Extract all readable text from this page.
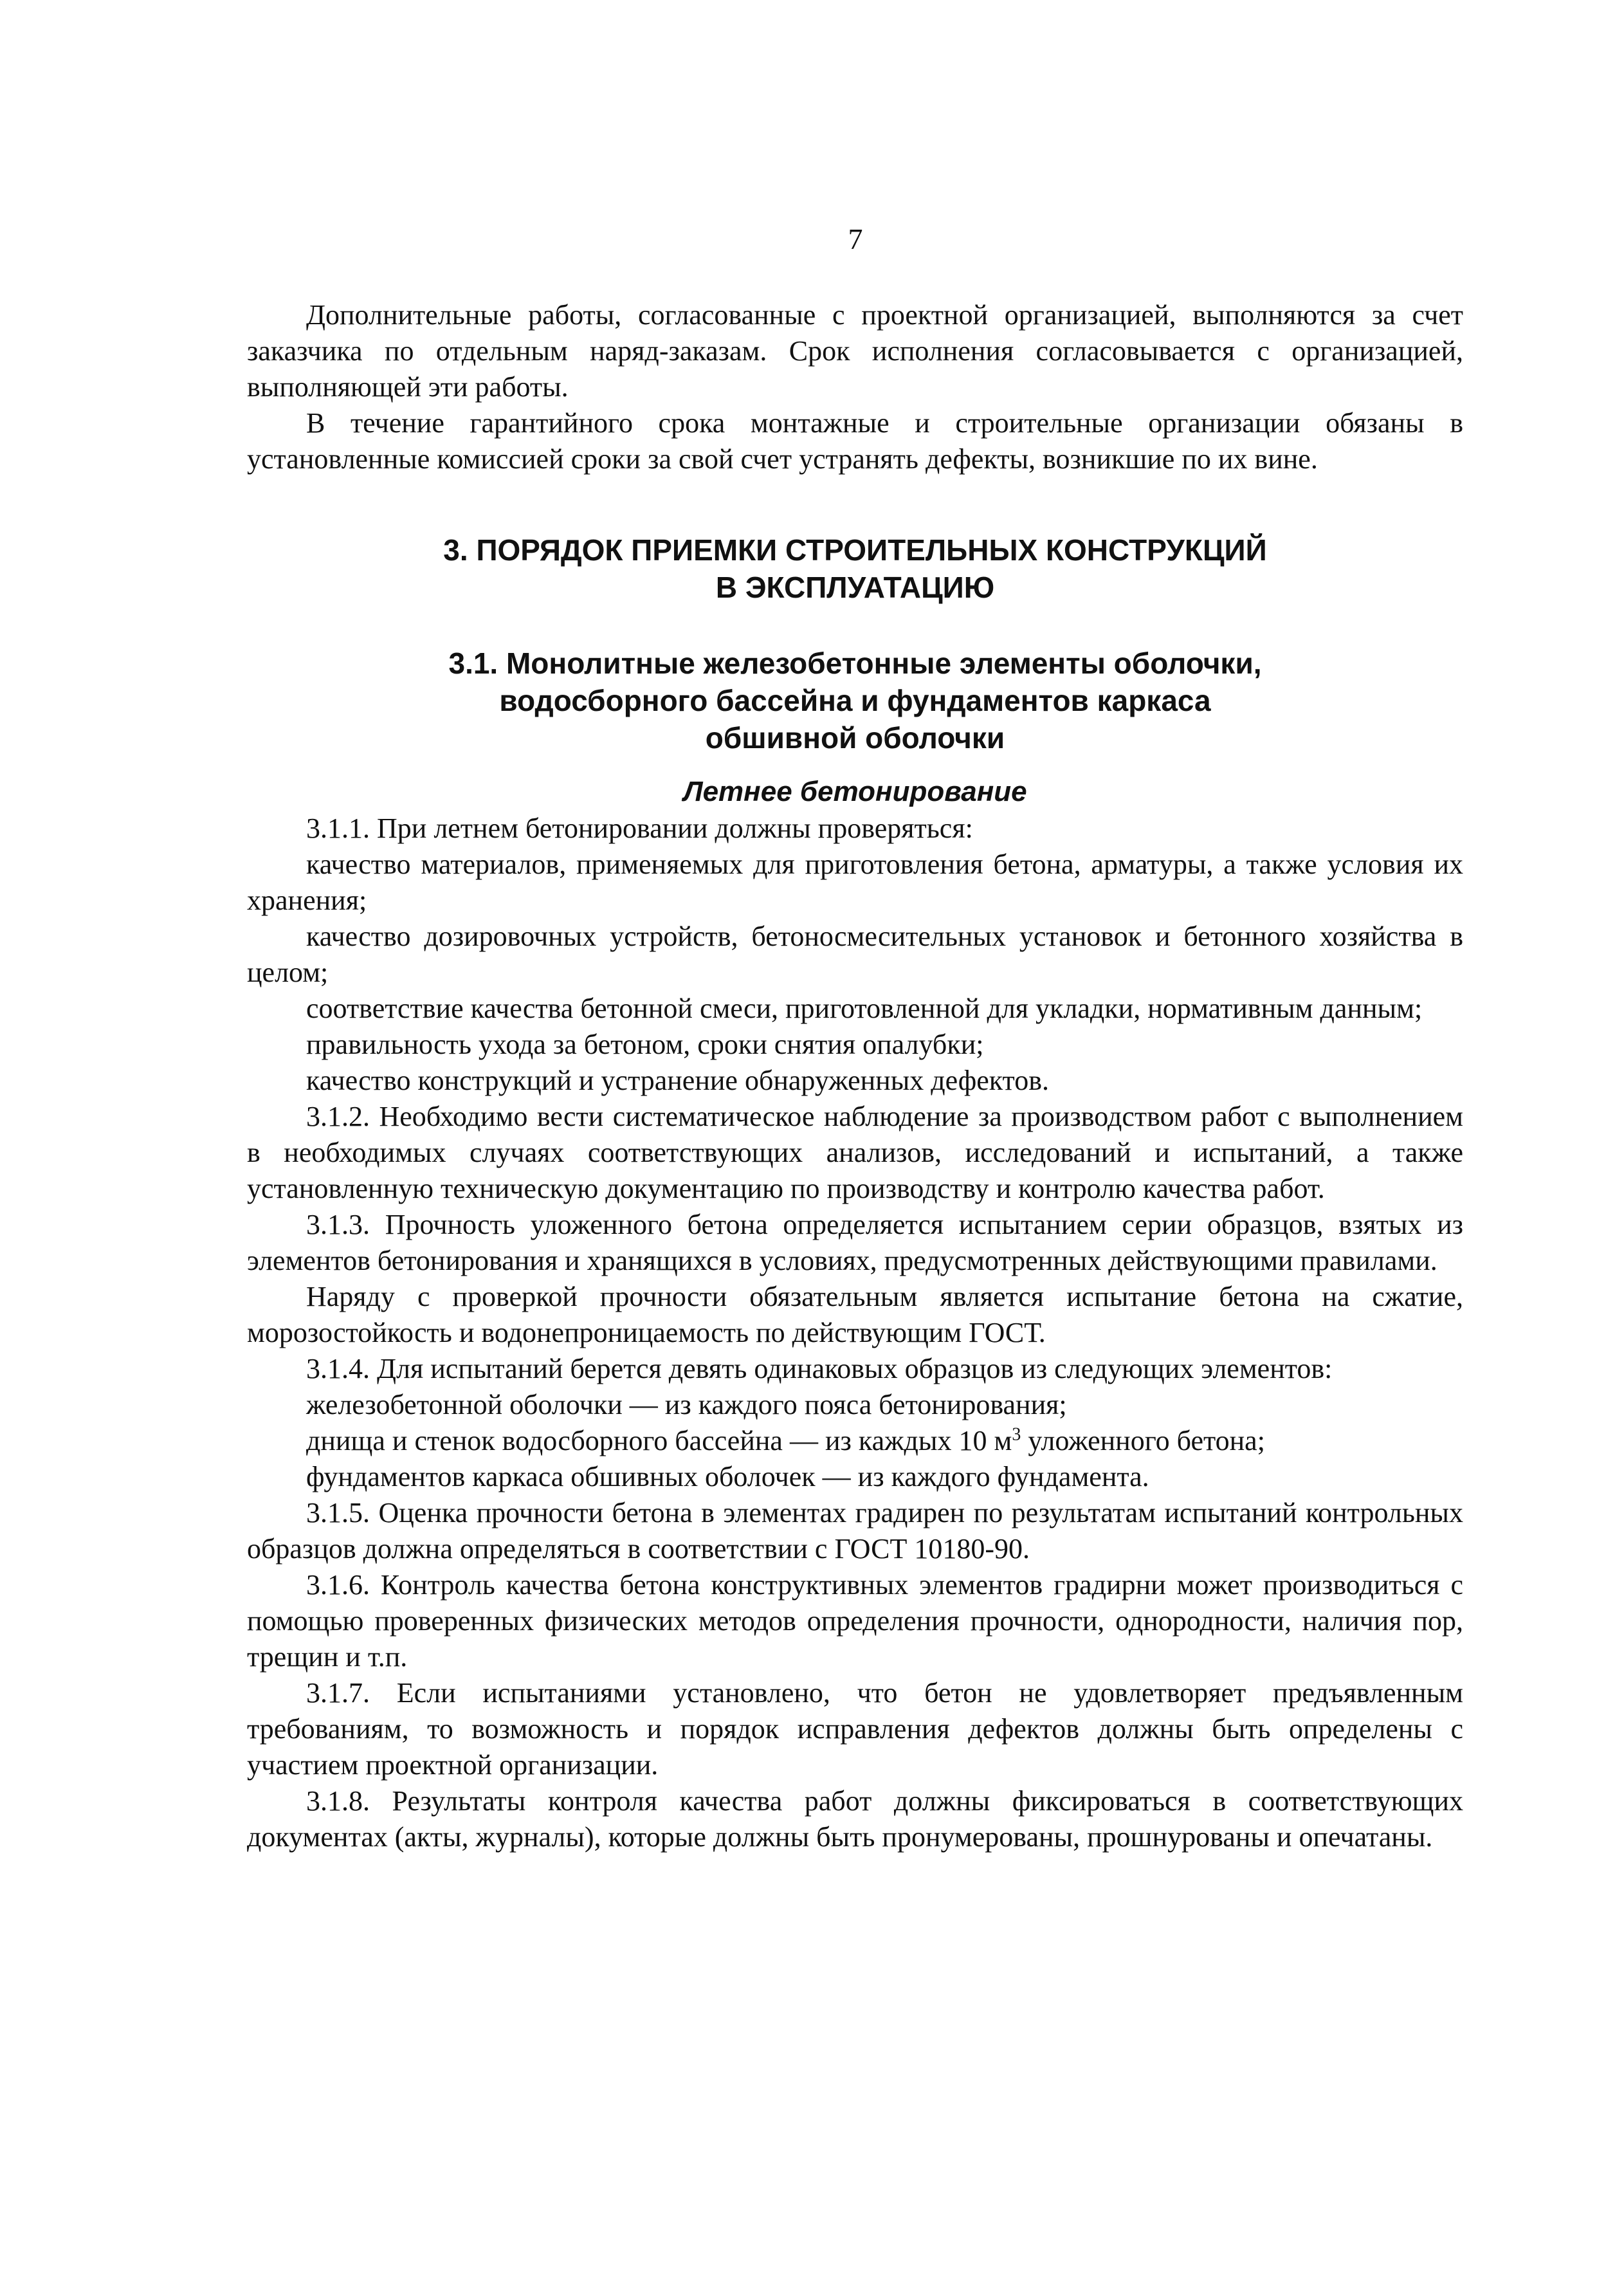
7

Дополнительные работы, согласованные с проектной организацией, выполняются за счет заказчика по отдельным наряд-заказам. Срок исполнения согласовывается с организацией, выполняющей эти работы.

В течение гарантийного срока монтажные и строительные организации обязаны в установленные комиссией сроки за свой счет устранять дефекты, возникшие по их вине.

3. ПОРЯДОК ПРИЕМКИ СТРОИТЕЛЬНЫХ КОНСТРУКЦИЙ
В ЭКСПЛУАТАЦИЮ
3.1. Монолитные железобетонные элементы оболочки,
водосборного бассейна и фундаментов каркаса
обшивной оболочки
Летнее бетонирование

3.1.1. При летнем бетонировании должны проверяться:

качество материалов, применяемых для приготовления бетона, арматуры, а также условия их хранения;

качество дозировочных устройств, бетоносмесительных установок и бетонного хозяйства в целом;

соответствие качества бетонной смеси, приготовленной для укладки, нормативным данным;

правильность ухода за бетоном, сроки снятия опалубки;

качество конструкций и устранение обнаруженных дефектов.

3.1.2. Необходимо вести систематическое наблюдение за производством работ с выполнением в необходимых случаях соответствующих анализов, исследований и испытаний, а также установленную техническую документацию по производству и контролю качества работ.

3.1.3. Прочность уложенного бетона определяется испытанием серии образцов, взятых из элементов бетонирования и хранящихся в условиях, предусмотренных действующими правилами.

Наряду с проверкой прочности обязательным является испытание бетона на сжатие, морозостойкость и водонепроницаемость по действующим ГОСТ.

3.1.4. Для испытаний берется девять одинаковых образцов из следующих элементов:

железобетонной оболочки — из каждого пояса бетонирования;

днища и стенок водосборного бассейна — из каждых 10 $м^3$ уложенного бетона;

фундаментов каркаса обшивных оболочек — из каждого фундамента.

3.1.5. Оценка прочности бетона в элементах градирен по результатам испытаний контрольных образцов должна определяться в соответствии с ГОСТ 10180-90.

3.1.6. Контроль качества бетона конструктивных элементов градирни может производиться с помощью проверенных физических методов определения прочности, однородности, наличия пор, трещин и т.п.

3.1.7. Если испытаниями установлено, что бетон не удовлетворяет предъявленным требованиям, то возможность и порядок исправления дефектов должны быть определены с участием проектной организации.

3.1.8. Результаты контроля качества работ должны фиксироваться в соответствующих документах (акты, журналы), которые должны быть пронумерованы, прошнурованы и опечатаны.
